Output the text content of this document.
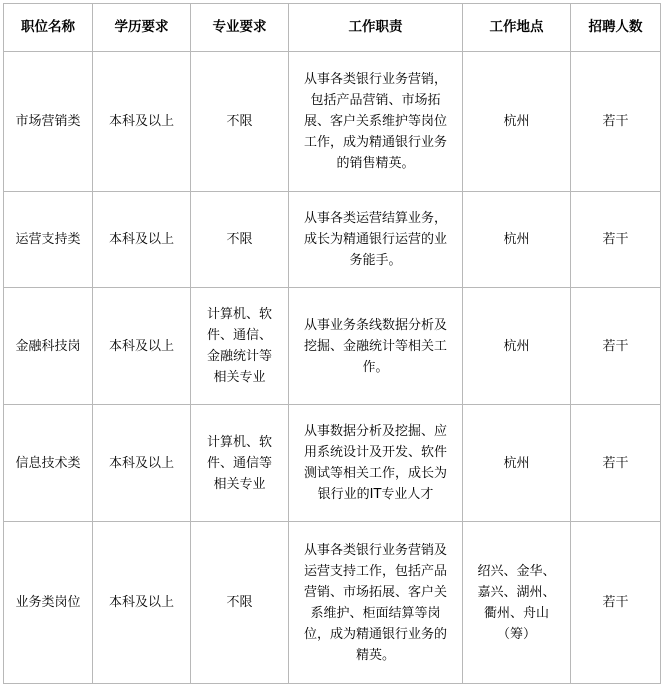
职位名称	学历要求	专业要求	工作职责	工作地点	招聘人数
市场营销类	本科及以上	不限	从事各类银行业务营销，包括产品营销、市场拓展、客户关系维护等岗位工作，成为精通银行业务的销售精英。	杭州	若干
运营支持类	本科及以上	不限	从事各类运营结算业务，成长为精通银行运营的业务能手。	杭州	若干
金融科技岗	本科及以上	计算机、软件、通信、金融统计等相关专业	从事业务条线数据分析及挖掘、金融统计等相关工作。	杭州	若干
信息技术类	本科及以上	计算机、软件、通信等相关专业	从事数据分析及挖掘、应用系统设计及开发、软件测试等相关工作，成长为银行业的IT专业人才	杭州	若干
业务类岗位	本科及以上	不限	从事各类银行业务营销及运营支持工作，包括产品营销、市场拓展、客户关系维护、柜面结算等岗位，成为精通银行业务的精英。	绍兴、金华、嘉兴、湖州、衢州、舟山（筹）	若干
